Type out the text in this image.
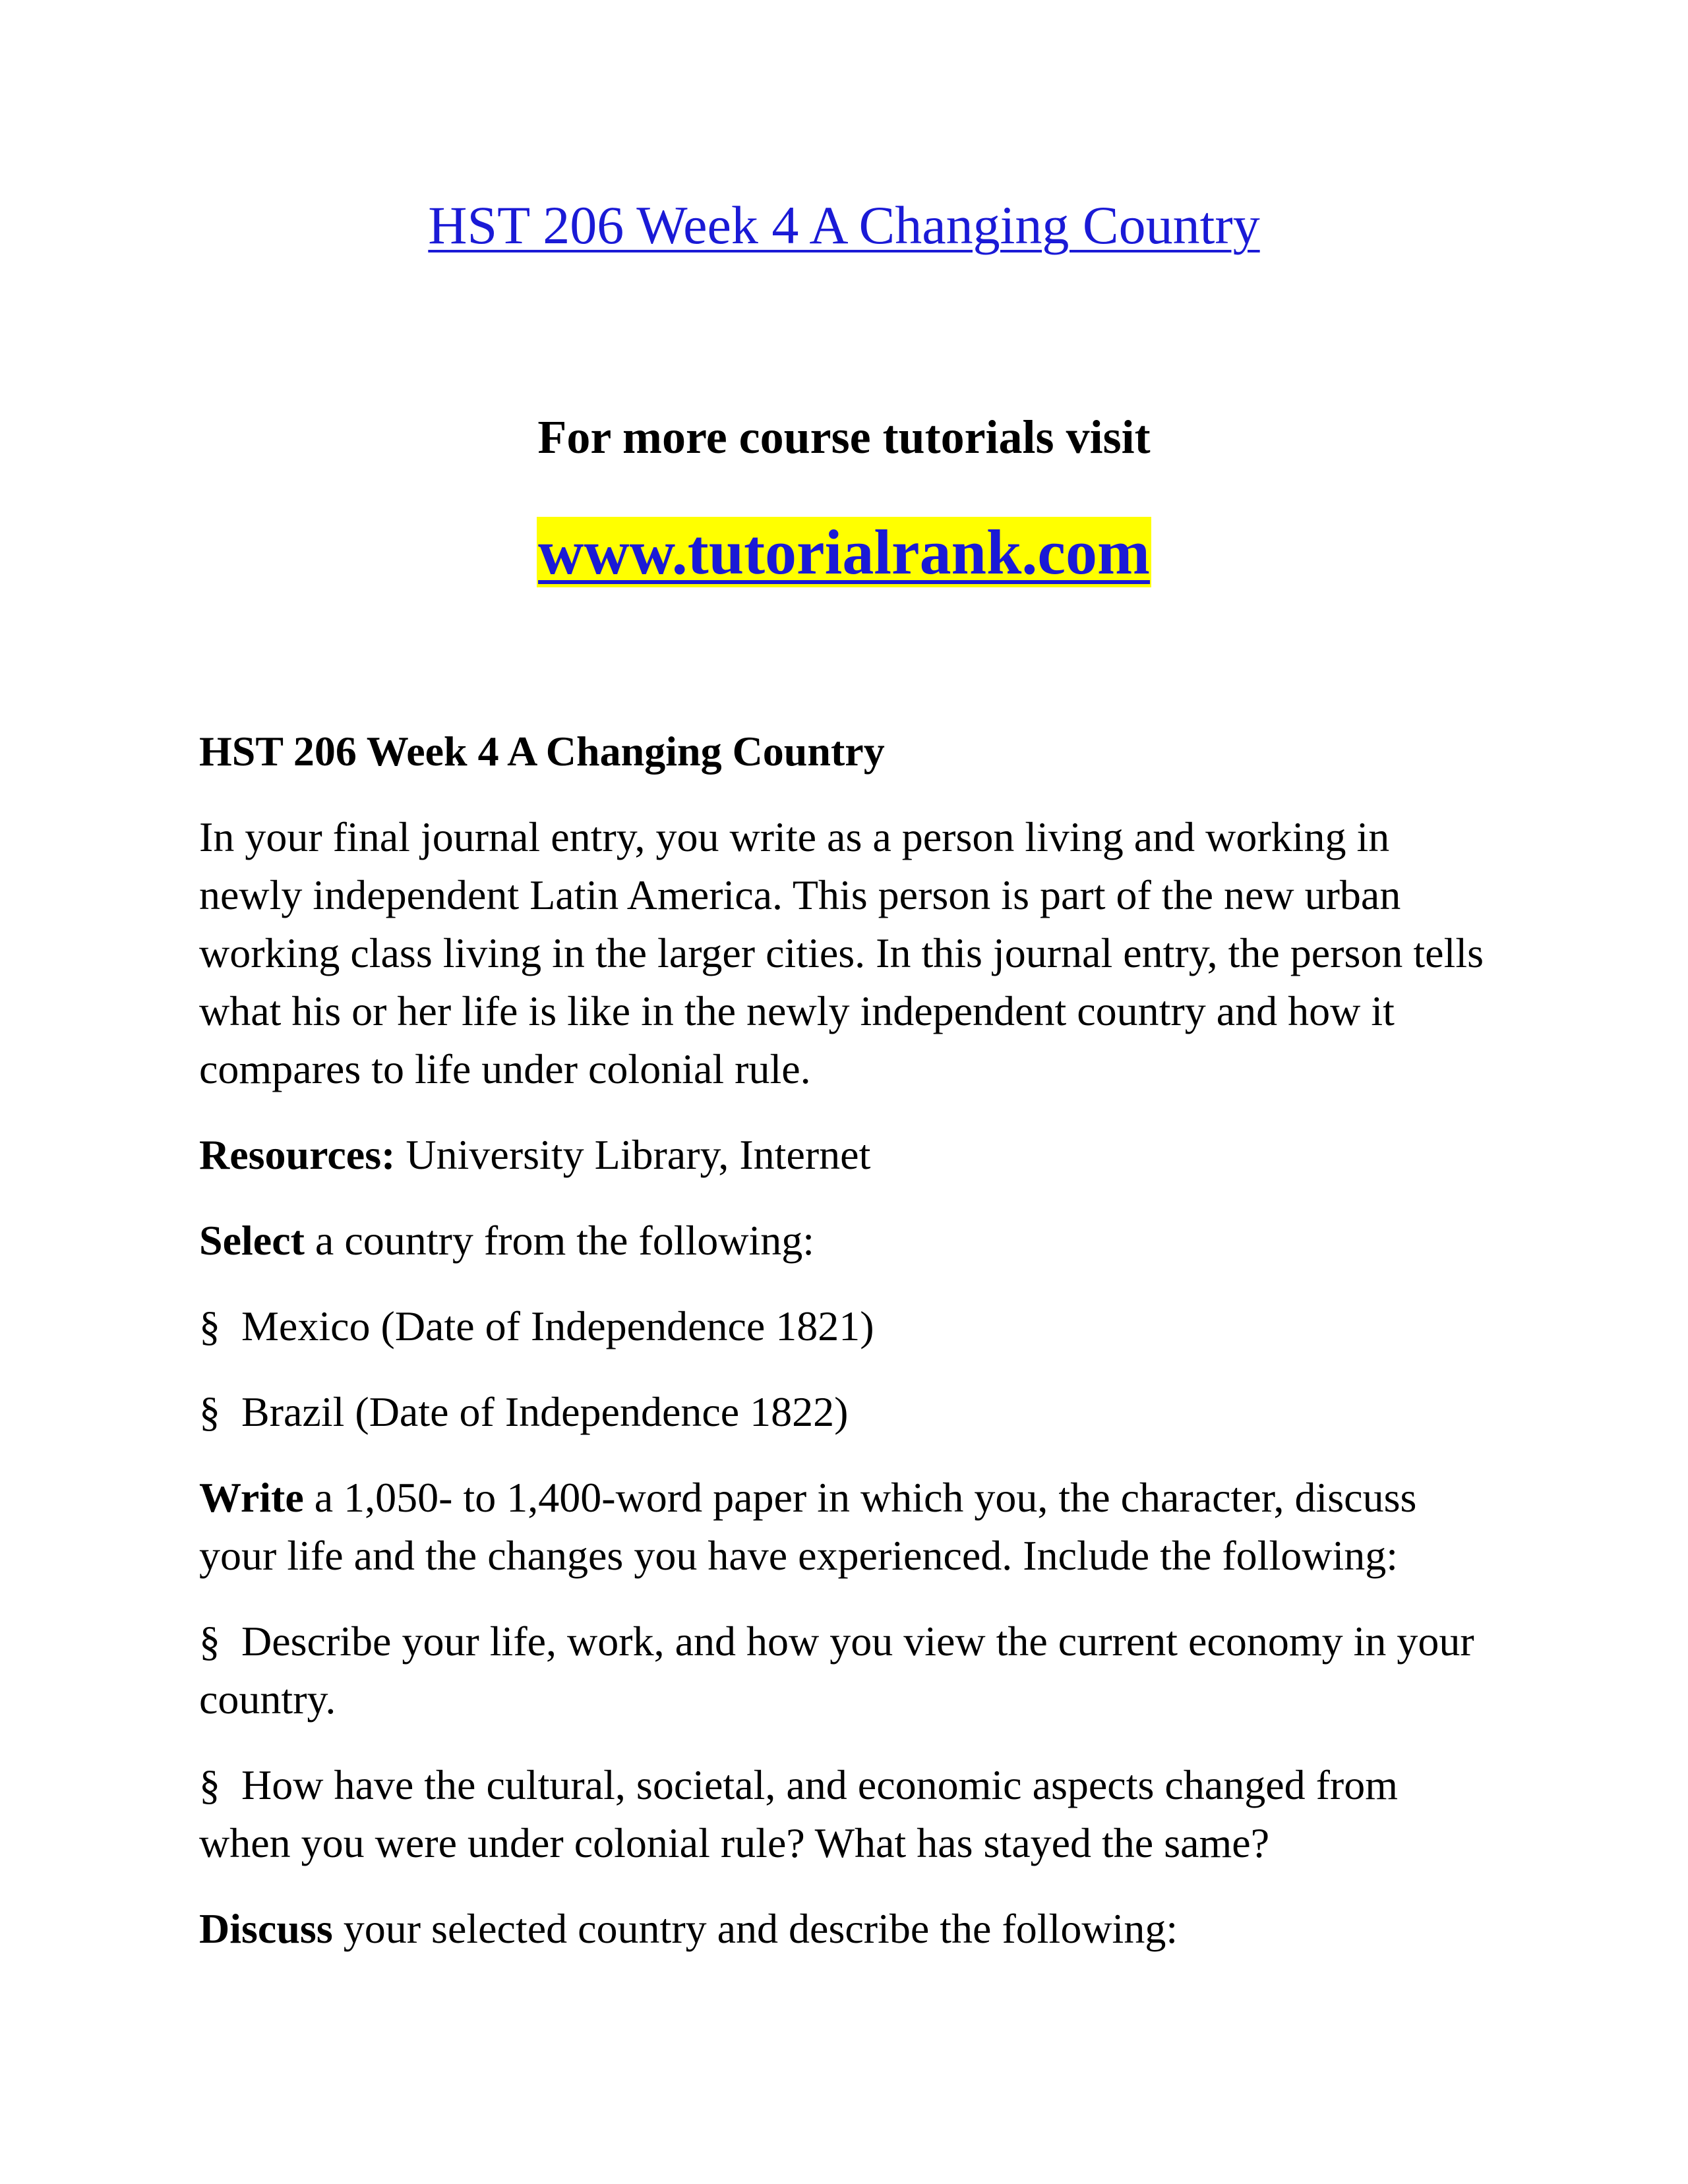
HST 206 Week 4 A Changing Country
For more course tutorials visit
www.tutorialrank.com

HST 206 Week 4 A Changing Country

In your final journal entry, you write as a person living and working in newly independent Latin America. This person is part of the new urban working class living in the larger cities. In this journal entry, the person tells what his or her life is like in the newly independent country and how it compares to life under colonial rule.

Resources: University Library, Internet

Select a country from the following:

§ Mexico (Date of Independence 1821)

§ Brazil (Date of Independence 1822)

Write a 1,050- to 1,400-word paper in which you, the character, discuss your life and the changes you have experienced. Include the following:

§ Describe your life, work, and how you view the current economy in your country.

§ How have the cultural, societal, and economic aspects changed from when you were under colonial rule? What has stayed the same?

Discuss your selected country and describe the following:
